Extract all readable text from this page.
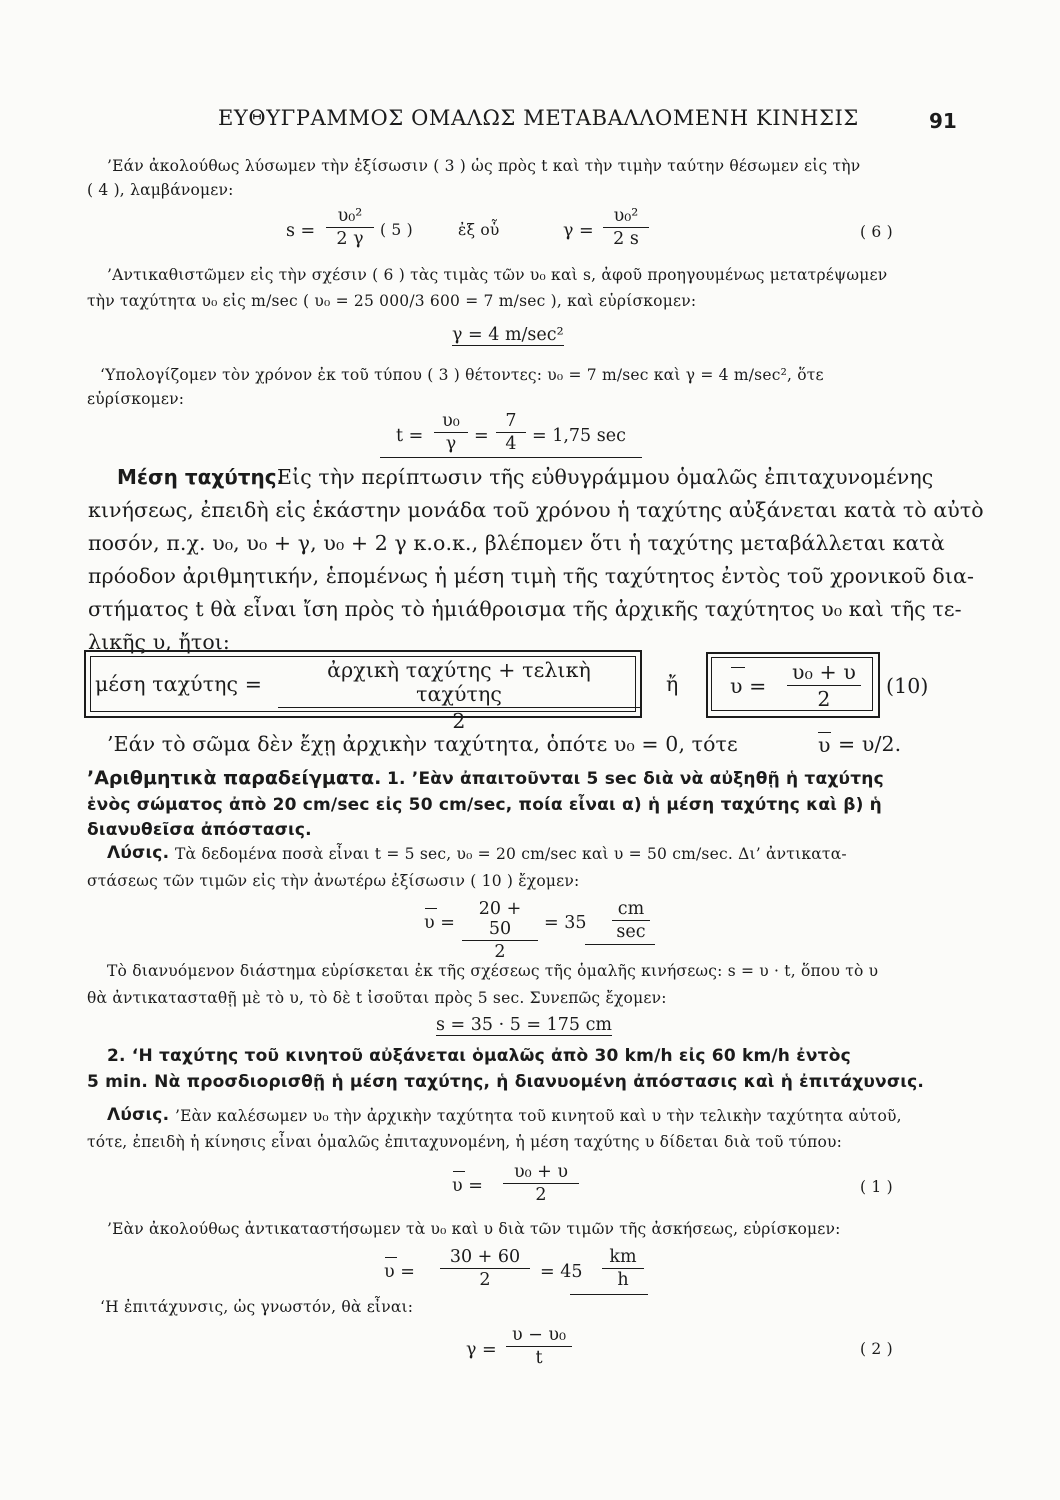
ΕΥΘΥΓΡΑΜΜΟΣ ΟΜΑΛΩΣ ΜΕΤΑΒΑΛΛΟΜΕΝΗ ΚΙΝΗΣΙΣ	91
’Εάν ἀκολούθως λύσωμεν τὴν ἐξίσωσιν ( 3 ) ὡς πρὸς t καὶ τὴν τιμὴν ταύτην θέσωμεν εἰς τὴν
( 4 ), λαμβάνομεν:
$s = \frac{\text{υ₀²}}{2 \gamma}$ ( 5 )	ἐξ οὗ	$\gamma = \frac{\text{υ₀²}}{2 s}$	( 6 )
’Αντικαθιστῶμεν εἰς τὴν σχέσιν ( 6 ) τὰς τιμὰς τῶν υ₀ καὶ s, ἀφοῦ προηγουμένως μετατρέψωμεν
τὴν ταχύτητα υ₀ εἰς m/sec ( υ₀ = 25 000/3 600 = 7 m/sec ), καὶ εὑρίσκομεν:
γ = 4 m/sec²
‘Υπολογίζομεν τὸν χρόνον ἐκ τοῦ τύπου ( 3 ) θέτοντες: υ₀ = 7 m/sec καὶ γ = 4 m/sec², ὅτε
εὑρίσκομεν:
$t = \frac{\text{υ₀}}{\gamma} = \frac{7}{4} = 1,75$ sec
Μέση ταχύτης.
Εἰς τὴν περίπτωσιν τῆς εὐθυγράμμου ὁμαλῶς ἐπιταχυνομένης
κινήσεως, ἐπειδὴ εἰς ἑκάστην μονάδα τοῦ χρόνου ἡ ταχύτης αὐξάνεται κατὰ τὸ αὐτὸ
ποσόν, π.χ. υ₀, υ₀ + γ, υ₀ + 2 γ κ.ο.κ., βλέπομεν ὅτι ἡ ταχύτης μεταβάλλεται κατὰ
πρόοδον ἀριθμητικήν, ἑπομένως ἡ μέση τιμὴ τῆς ταχύτητος ἐντὸς τοῦ χρονικοῦ δια-
στήματος t θὰ εἶναι ἴση πρὸς τὸ ἡμιάθροισμα τῆς ἀρχικῆς ταχύτητος υ₀ καὶ τῆς τε-
λικῆς υ, ἤτοι:
μέση ταχύτης =
ἀρχικὴ ταχύτης + τελικὴ ταχύτης
2
ἤ	$\upsilon = \frac{\text{υ₀ + υ}}{2} (10)$
’Εάν τὸ σῶμα δὲν ἔχῃ ἀρχικὴν ταχύτητα, ὁπότε υ₀ = 0, τότε	υ = υ/2.
’Αριθμητικὰ παραδείγματα. 1. ’Εὰν ἀπαιτοῦνται 5 sec διὰ νὰ αὐξηθῇ ἡ ταχύτης
ἑνὸς σώματος ἀπὸ 20 cm/sec εἰς 50 cm/sec, ποία εἶναι α) ἡ μέση ταχύτης καὶ β) ἡ
διανυθεῖσα ἀπόστασις.
Λύσις. Τὰ δεδομένα ποσὰ εἶναι t = 5 sec, υ₀ = 20 cm/sec καὶ υ = 50 cm/sec. Δι’ ἀντικατα-
στάσεως τῶν τιμῶν εἰς τὴν ἀνωτέρω ἐξίσωσιν ( 10 ) ἔχομεν:
$\upsilon = \frac{20 + 50}{2} = 35$
cm
sec
Τὸ διανυόμενον διάστημα εὑρίσκεται ἐκ τῆς σχέσεως τῆς ὁμαλῆς κινήσεως: s = υ · t, ὅπου τὸ υ
θὰ ἀντικατασταθῇ μὲ τὸ υ, τὸ δὲ t ἰσοῦται πρὸς 5 sec. Συνεπῶς ἔχομεν:
s = 35 · 5 = 175 cm
2. ‘Η ταχύτης τοῦ κινητοῦ αὐξάνεται ὁμαλῶς ἀπὸ 30 km/h εἰς 60 km/h ἐντὸς
5 min. Νὰ προσδιορισθῇ ἡ μέση ταχύτης, ἡ διανυομένη ἀπόστασις καὶ ἡ ἐπιτάχυνσις.
Λύσις. ’Εὰν καλέσωμεν υ₀ τὴν ἀρχικὴν ταχύτητα τοῦ κινητοῦ καὶ υ τὴν τελικὴν ταχύτητα αὐτοῦ,
τότε, ἐπειδὴ ἡ κίνησις εἶναι ὁμαλῶς ἐπιταχυνομένη, ἡ μέση ταχύτης υ δίδεται διὰ τοῦ τύπου:
$\upsilon = \frac{\text{υ₀ + υ}}{2}$	( 1 )
’Εὰν ἀκολούθως ἀντικαταστήσωμεν τὰ υ₀ καὶ υ διὰ τῶν τιμῶν τῆς ἀσκήσεως, εὑρίσκομεν:
$\upsilon = \frac{30 + 60}{2} = 45 \frac{km}{h}$
‘Η ἐπιτάχυνσις, ὡς γνωστόν, θὰ εἶναι:
$\gamma = \frac{\text{υ − υ₀}}{t}$	( 2 )
